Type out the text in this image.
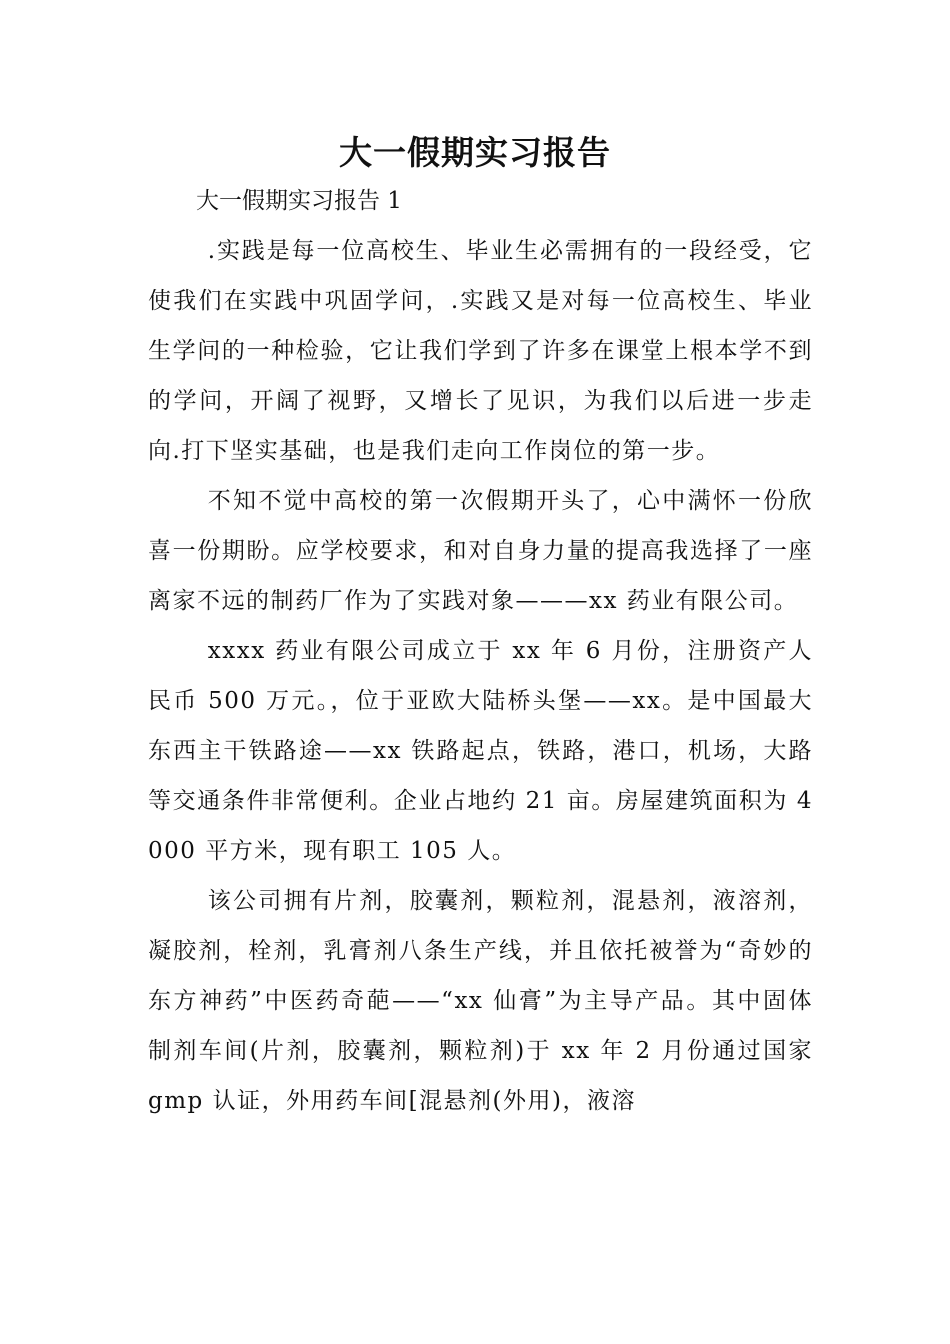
大一假期实习报告

大一假期实习报告 1

.实践是每一位高校生、毕业生必需拥有的一段经受，它使我们在实践中巩固学问，.实践又是对每一位高校生、毕业生学问的一种检验，它让我们学到了许多在课堂上根本学不到的学问，开阔了视野，又增长了见识，为我们以后进一步走向.打下坚实基础，也是我们走向工作岗位的第一步。

不知不觉中高校的第一次假期开头了，心中满怀一份欣喜一份期盼。应学校要求，和对自身力量的提高我选择了一座离家不远的制药厂作为了实践对象———xx 药业有限公司。

xxxx 药业有限公司成立于 xx 年 6 月份，注册资产人民币 500 万元。，位于亚欧大陆桥头堡——xx。是中国最大东西主干铁路途——xx 铁路起点，铁路，港口，机场，大路等交通条件非常便利。企业占地约 21 亩。房屋建筑面积为 4000 平方米，现有职工 105 人。

该公司拥有片剂，胶囊剂，颗粒剂，混悬剂，液溶剂，凝胶剂，栓剂，乳膏剂八条生产线，并且依托被誉为“奇妙的东方神药”中医药奇葩——“xx 仙膏”为主导产品。其中固体制剂车间(片剂，胶囊剂，颗粒剂)于 xx 年 2 月份通过国家 gmp 认证，外用药车间[混悬剂(外用)，液溶
